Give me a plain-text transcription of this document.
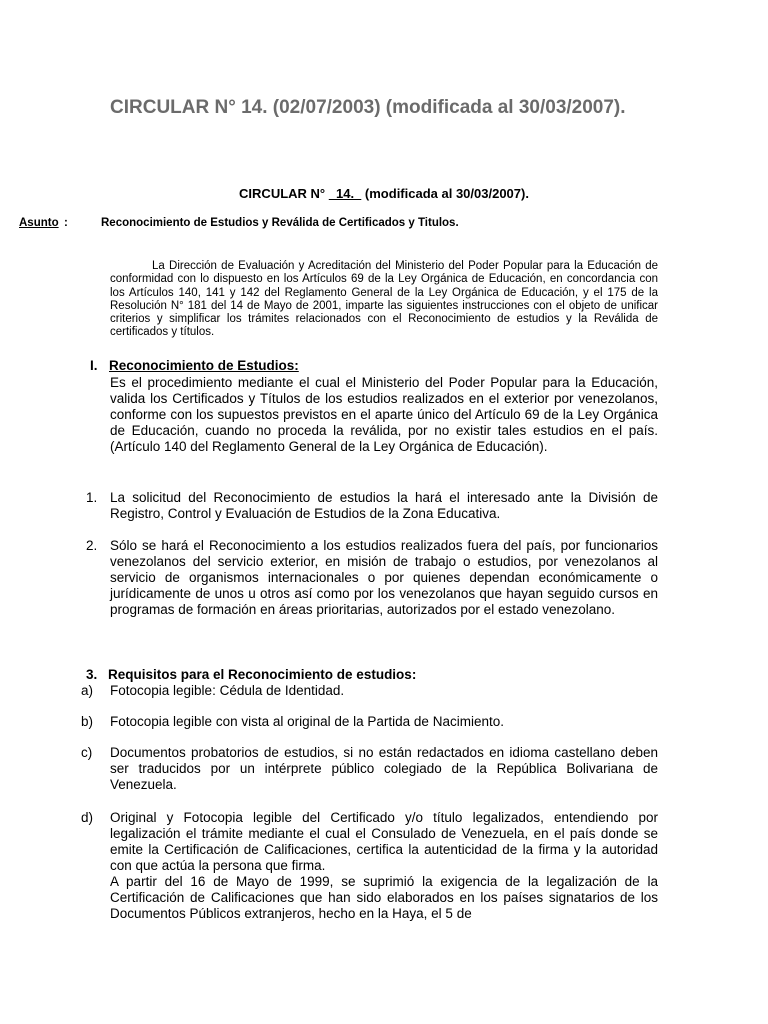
CIRCULAR N° 14. (02/07/2003) (modificada al 30/03/2007).
CIRCULAR N°   14.   (modificada al 30/03/2007).
Asunto :	Reconocimiento de Estudios y Reválida de Certificados y Titulos.

La Dirección de Evaluación y Acreditación del Ministerio del Poder Popular para la Educación de conformidad con lo dispuesto en los Artículos 69 de la Ley Orgánica de Educación, en concordancia con los Artículos 140, 141 y 142 del Reglamento General de la Ley Orgánica de Educación, y el 175 de la Resolución N° 181 del 14 de Mayo de 2001, imparte las siguientes instrucciones con el objeto de unificar criterios y simplificar los trámites relacionados con el Reconocimiento de estudios y la Reválida de certificados y títulos.

I. Reconocimiento de Estudios:

Es el procedimiento mediante el cual el Ministerio del Poder Popular para la Educación, valida los Certificados y Títulos de los estudios realizados en el exterior por venezolanos, conforme con los supuestos previstos en el aparte único del Artículo 69 de la Ley Orgánica de Educación, cuando no proceda la reválida, por no existir tales estudios en el país. (Artículo 140 del Reglamento General de la Ley Orgánica de Educación).

1. La solicitud del Reconocimiento de estudios la hará el interesado ante la División de Registro, Control y Evaluación de Estudios de la Zona Educativa.
2. Sólo se hará el Reconocimiento a los estudios realizados fuera del país, por funcionarios venezolanos del servicio exterior, en misión de trabajo o estudios, por venezolanos al servicio de organismos internacionales o por quienes dependan económicamente o jurídicamente de unos u otros así como por los venezolanos que hayan seguido cursos en programas de formación en áreas prioritarias, autorizados por el estado venezolano.
3. Requisitos para el Reconocimiento de estudios:
a) Fotocopia legible: Cédula de Identidad.
b) Fotocopia legible con vista al original de la Partida de Nacimiento.
c) Documentos probatorios de estudios, si no están redactados en idioma castellano deben ser traducidos por un intérprete público colegiado de la República Bolivariana de Venezuela.
d) Original y Fotocopia legible del Certificado y/o título legalizados, entendiendo por legalización el trámite mediante el cual el Consulado de Venezuela, en el país donde se emite la Certificación de Calificaciones, certifica la autenticidad de la firma y la autoridad con que actúa la persona que firma.

A partir del 16 de Mayo de 1999, se suprimió la exigencia de la legalización de la Certificación de Calificaciones que han sido elaborados en los países signatarios de los Documentos Públicos extranjeros, hecho en la Haya, el 5 de
